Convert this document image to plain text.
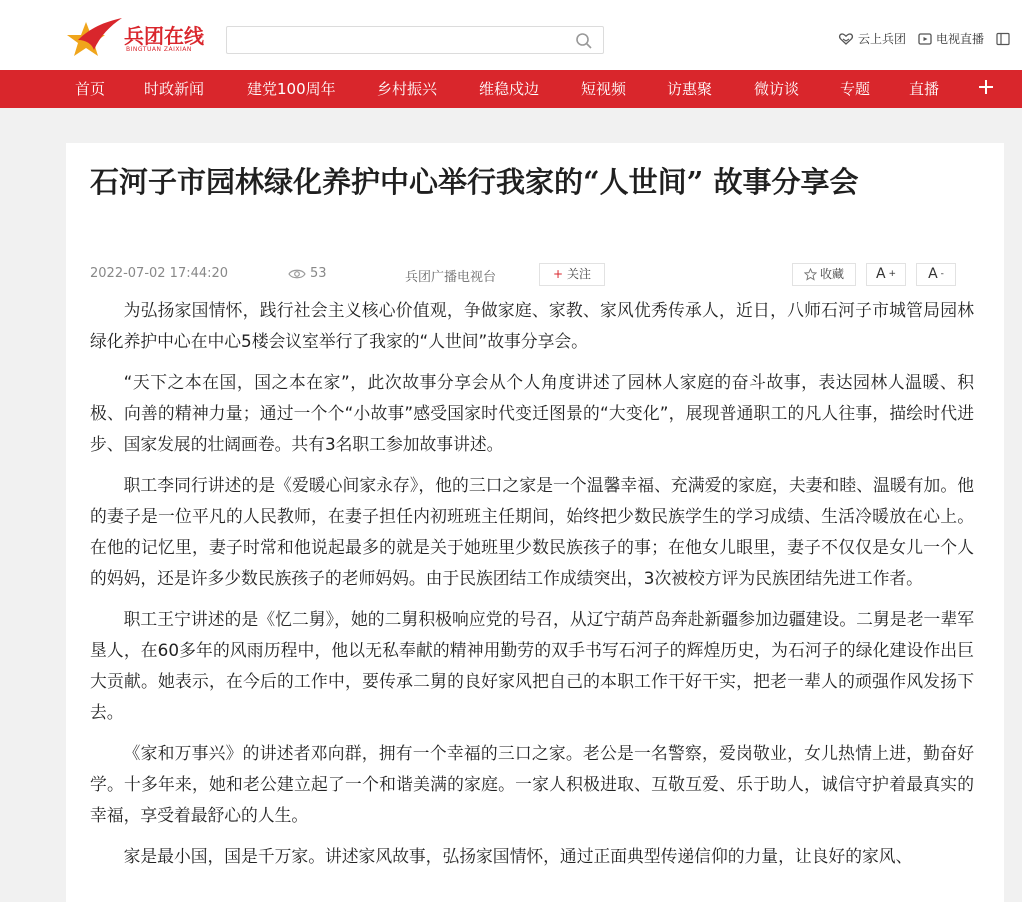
兵团在线
BINGTUAN ZAIXIAN
云上兵团	电视直播
首页	时政新闻	建党100周年	乡村振兴	维稳戍边	短视频	访惠聚	微访谈	专题	直播
石河子市园林绿化养护中心举行我家的“人世间” 故事分享会
2022-07-02 17:44:20	53	兵团广播电视台	+ 关注	收藏	A +	A -

为弘扬家国情怀，践行社会主义核心价值观，争做家庭、家教、家风优秀传承人，近日，八师石河子市城管局园林绿化养护中心在中心5楼会议室举行了我家的“人世间”故事分享会。

“天下之本在国，国之本在家”，此次故事分享会从个人角度讲述了园林人家庭的奋斗故事，表达园林人温暖、积极、向善的精神力量；通过一个个“小故事”感受国家时代变迁图景的“大变化”，展现普通职工的凡人往事，描绘时代进步、国家发展的壮阔画卷。共有3名职工参加故事讲述。

职工李同行讲述的是《爱暖心间家永存》，他的三口之家是一个温馨幸福、充满爱的家庭，夫妻和睦、温暖有加。他的妻子是一位平凡的人民教师，在妻子担任内初班班主任期间，始终把少数民族学生的学习成绩、生活冷暖放在心上。在他的记忆里，妻子时常和他说起最多的就是关于她班里少数民族孩子的事；在他女儿眼里，妻子不仅仅是女儿一个人的妈妈，还是许多少数民族孩子的老师妈妈。由于民族团结工作成绩突出，3次被校方评为民族团结先进工作者。

职工王宁讲述的是《忆二舅》，她的二舅积极响应党的号召，从辽宁葫芦岛奔赴新疆参加边疆建设。二舅是老一辈军垦人，在60多年的风雨历程中，他以无私奉献的精神用勤劳的双手书写石河子的辉煌历史，为石河子的绿化建设作出巨大贡献。她表示，在今后的工作中，要传承二舅的良好家风把自己的本职工作干好干实，把老一辈人的顽强作风发扬下去。

《家和万事兴》的讲述者邓向群，拥有一个幸福的三口之家。老公是一名警察，爱岗敬业，女儿热情上进，勤奋好学。十多年来，她和老公建立起了一个和谐美满的家庭。一家人积极进取、互敬互爱、乐于助人，诚信守护着最真实的幸福，享受着最舒心的人生。

家是最小国，国是千万家。讲述家风故事，弘扬家国情怀，通过正面典型传递信仰的力量，让良好的家风、
